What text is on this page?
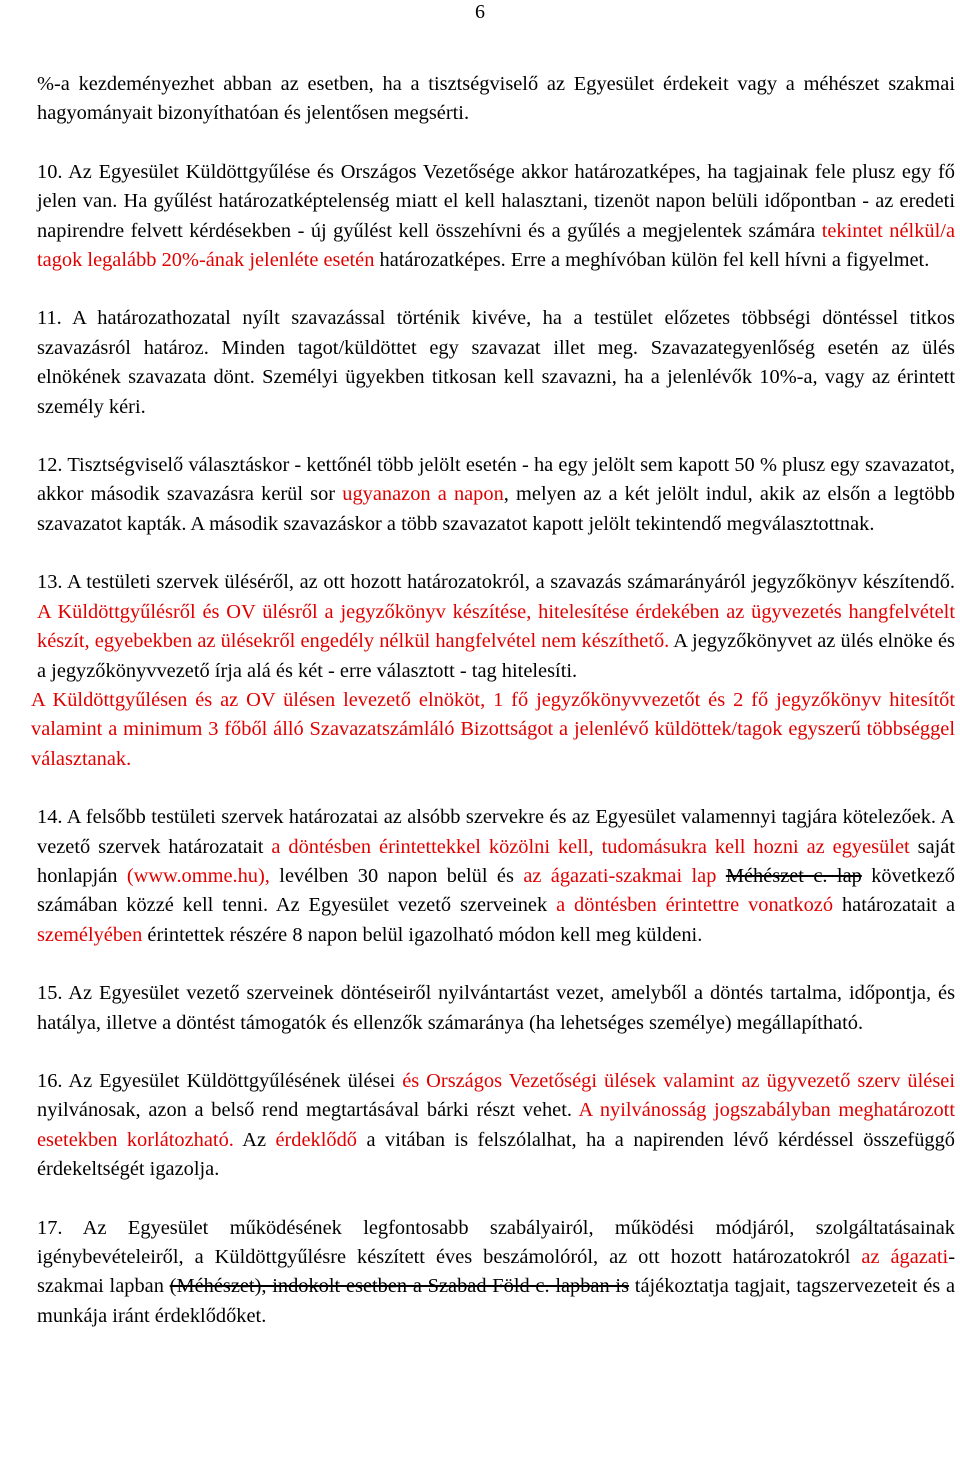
6

%-a kezdeményezhet abban az esetben, ha a tisztségviselő az Egyesület érdekeit vagy a méhészet szakmai hagyományait bizonyíthatóan és jelentősen megsérti.

10. Az Egyesület Küldöttgyűlése és Országos Vezetősége akkor határozatképes, ha tagjainak fele plusz egy fő jelen van. Ha gyűlést határozatképtelenség miatt el kell halasztani, tizenöt napon belüli időpontban - az eredeti napirendre felvett kérdésekben - új gyűlést kell összehívni és a gyűlés a megjelentek számára tekintet nélkül/a tagok legalább 20%-ának jelenléte esetén határozatképes. Erre a meghívóban külön fel kell hívni a figyelmet.

11. A határozathozatal nyílt szavazással történik kivéve, ha a testület előzetes többségi döntéssel titkos szavazásról határoz. Minden tagot/küldöttet egy szavazat illet meg. Szavazategyenlőség esetén az ülés elnökének szavazata dönt. Személyi ügyekben titkosan kell szavazni, ha a jelenlévők 10%-a, vagy az érintett személy kéri.

12. Tisztségviselő választáskor - kettőnél több jelölt esetén - ha egy jelölt sem kapott 50 % plusz egy szavazatot, akkor második szavazásra kerül sor ugyanazon a napon, melyen az a két jelölt indul, akik az elsőn a legtöbb szavazatot kapták. A második szavazáskor a több szavazatot kapott jelölt tekintendő megválasztottnak.

13. A testületi szervek üléséről, az ott hozott határozatokról, a szavazás számarányáról jegyzőkönyv készítendő. A Küldöttgyűlésről és OV ülésről a jegyzőkönyv készítése, hitelesítése érdekében az ügyvezetés hangfelvételt készít, egyebekben az ülésekről engedély nélkül hangfelvétel nem készíthető. A jegyzőkönyvet az ülés elnöke és a jegyzőkönyvvezető írja alá és két - erre választott - tag hitelesíti.

A Küldöttgyűlésen és az OV ülésen levezető elnököt, 1 fő jegyzőkönyvvezetőt és 2 fő jegyzőkönyv hitesítőt valamint a minimum 3 főből álló Szavazatszámláló Bizottságot a jelenlévő küldöttek/tagok egyszerű többséggel választanak.

14. A felsőbb testületi szervek határozatai az alsóbb szervekre és az Egyesület valamennyi tagjára kötelezőek. A vezető szervek határozatait a döntésben érintettekkel közölni kell, tudomásukra kell hozni az egyesület saját honlapján (www.omme.hu), levélben 30 napon belül és az ágazati-szakmai lap Méhészet c. lap következő számában közzé kell tenni. Az Egyesület vezető szerveinek a döntésben érintettre vonatkozó határozatait a személyében érintettek részére 8 napon belül igazolható módon kell meg küldeni.

15. Az Egyesület vezető szerveinek döntéseiről nyilvántartást vezet, amelyből a döntés tartalma, időpontja, és hatálya, illetve a döntést támogatók és ellenzők számaránya (ha lehetséges személye) megállapítható.

16. Az Egyesület Küldöttgyűlésének ülései és Országos Vezetőségi ülések valamint az ügyvezető szerv ülései nyilvánosak, azon a belső rend megtartásával bárki részt vehet. A nyilvánosság jogszabályban meghatározott esetekben korlátozható. Az érdeklődő a vitában is felszólalhat, ha a napirenden lévő kérdéssel összefüggő érdekeltségét igazolja.

17. Az Egyesület működésének legfontosabb szabályairól, működési módjáról, szolgáltatásainak igénybevételeiről, a Küldöttgyűlésre készített éves beszámolóról, az ott hozott határozatokról az ágazati-szakmai lapban (Méhészet), indokolt esetben a Szabad Föld c. lapban is tájékoztatja tagjait, tagszervezeteit és a munkája iránt érdeklődőket.
